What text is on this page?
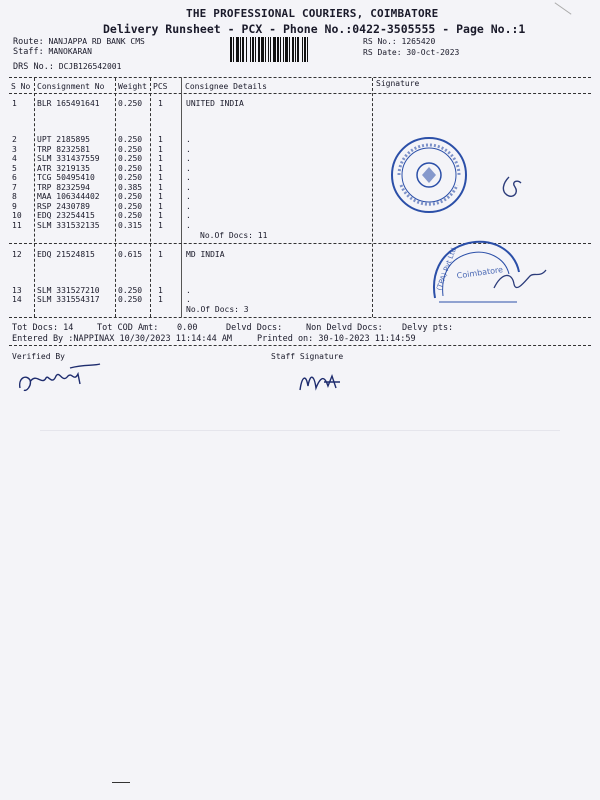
THE PROFESSIONAL COURIERS, COIMBATORE
Delivery Runsheet - PCX - Phone No.:0422-3505555 - Page No.:1
Route: NANJAPPA RD BANK CMS
Staff: MANOKARAN
DRS No.: DCJB126542001
RS No.: 1265420
RS Date: 30-Oct-2023
S No Consignment No Weight PCS Consignee Details	Signature
1	BLR 165491641 0.250 1	UNITED INDIA
2	UPT 2185895	0.250 1	.
3	TRP 8232581	0.250 1	.
4	SLM 331437559 0.250 1	.
5	ATR 3219135	0.250 1	.
6	TCG 50495410	0.250 1	.
7	TRP 8232594	0.385 1	.
8	MAA 106344402 0.250 1	.
9	RSP 2430789	0.250 1	.
10 EDQ 23254415	0.250 1	.
11 SLM 331532135 0.315 1	.
No.Of Docs: 11
12 EDQ 21524815	0.615 1	MD INDIA
13 SLM 331527210 0.250 1	.
14 SLM 331554317 0.250 1	.
No.Of Docs: 3
Tot Docs: 14	Tot COD Amt: 0.00	Delvd Docs:	Non Delvd Docs: Delvy pts:
Entered By :NAPPINAX 10/30/2023 11:14:44 AM	Printed on: 30-10-2023 11:14:59
Verified By	Staff Signature
Coimbatore
(TPA) Pvt Ltd
